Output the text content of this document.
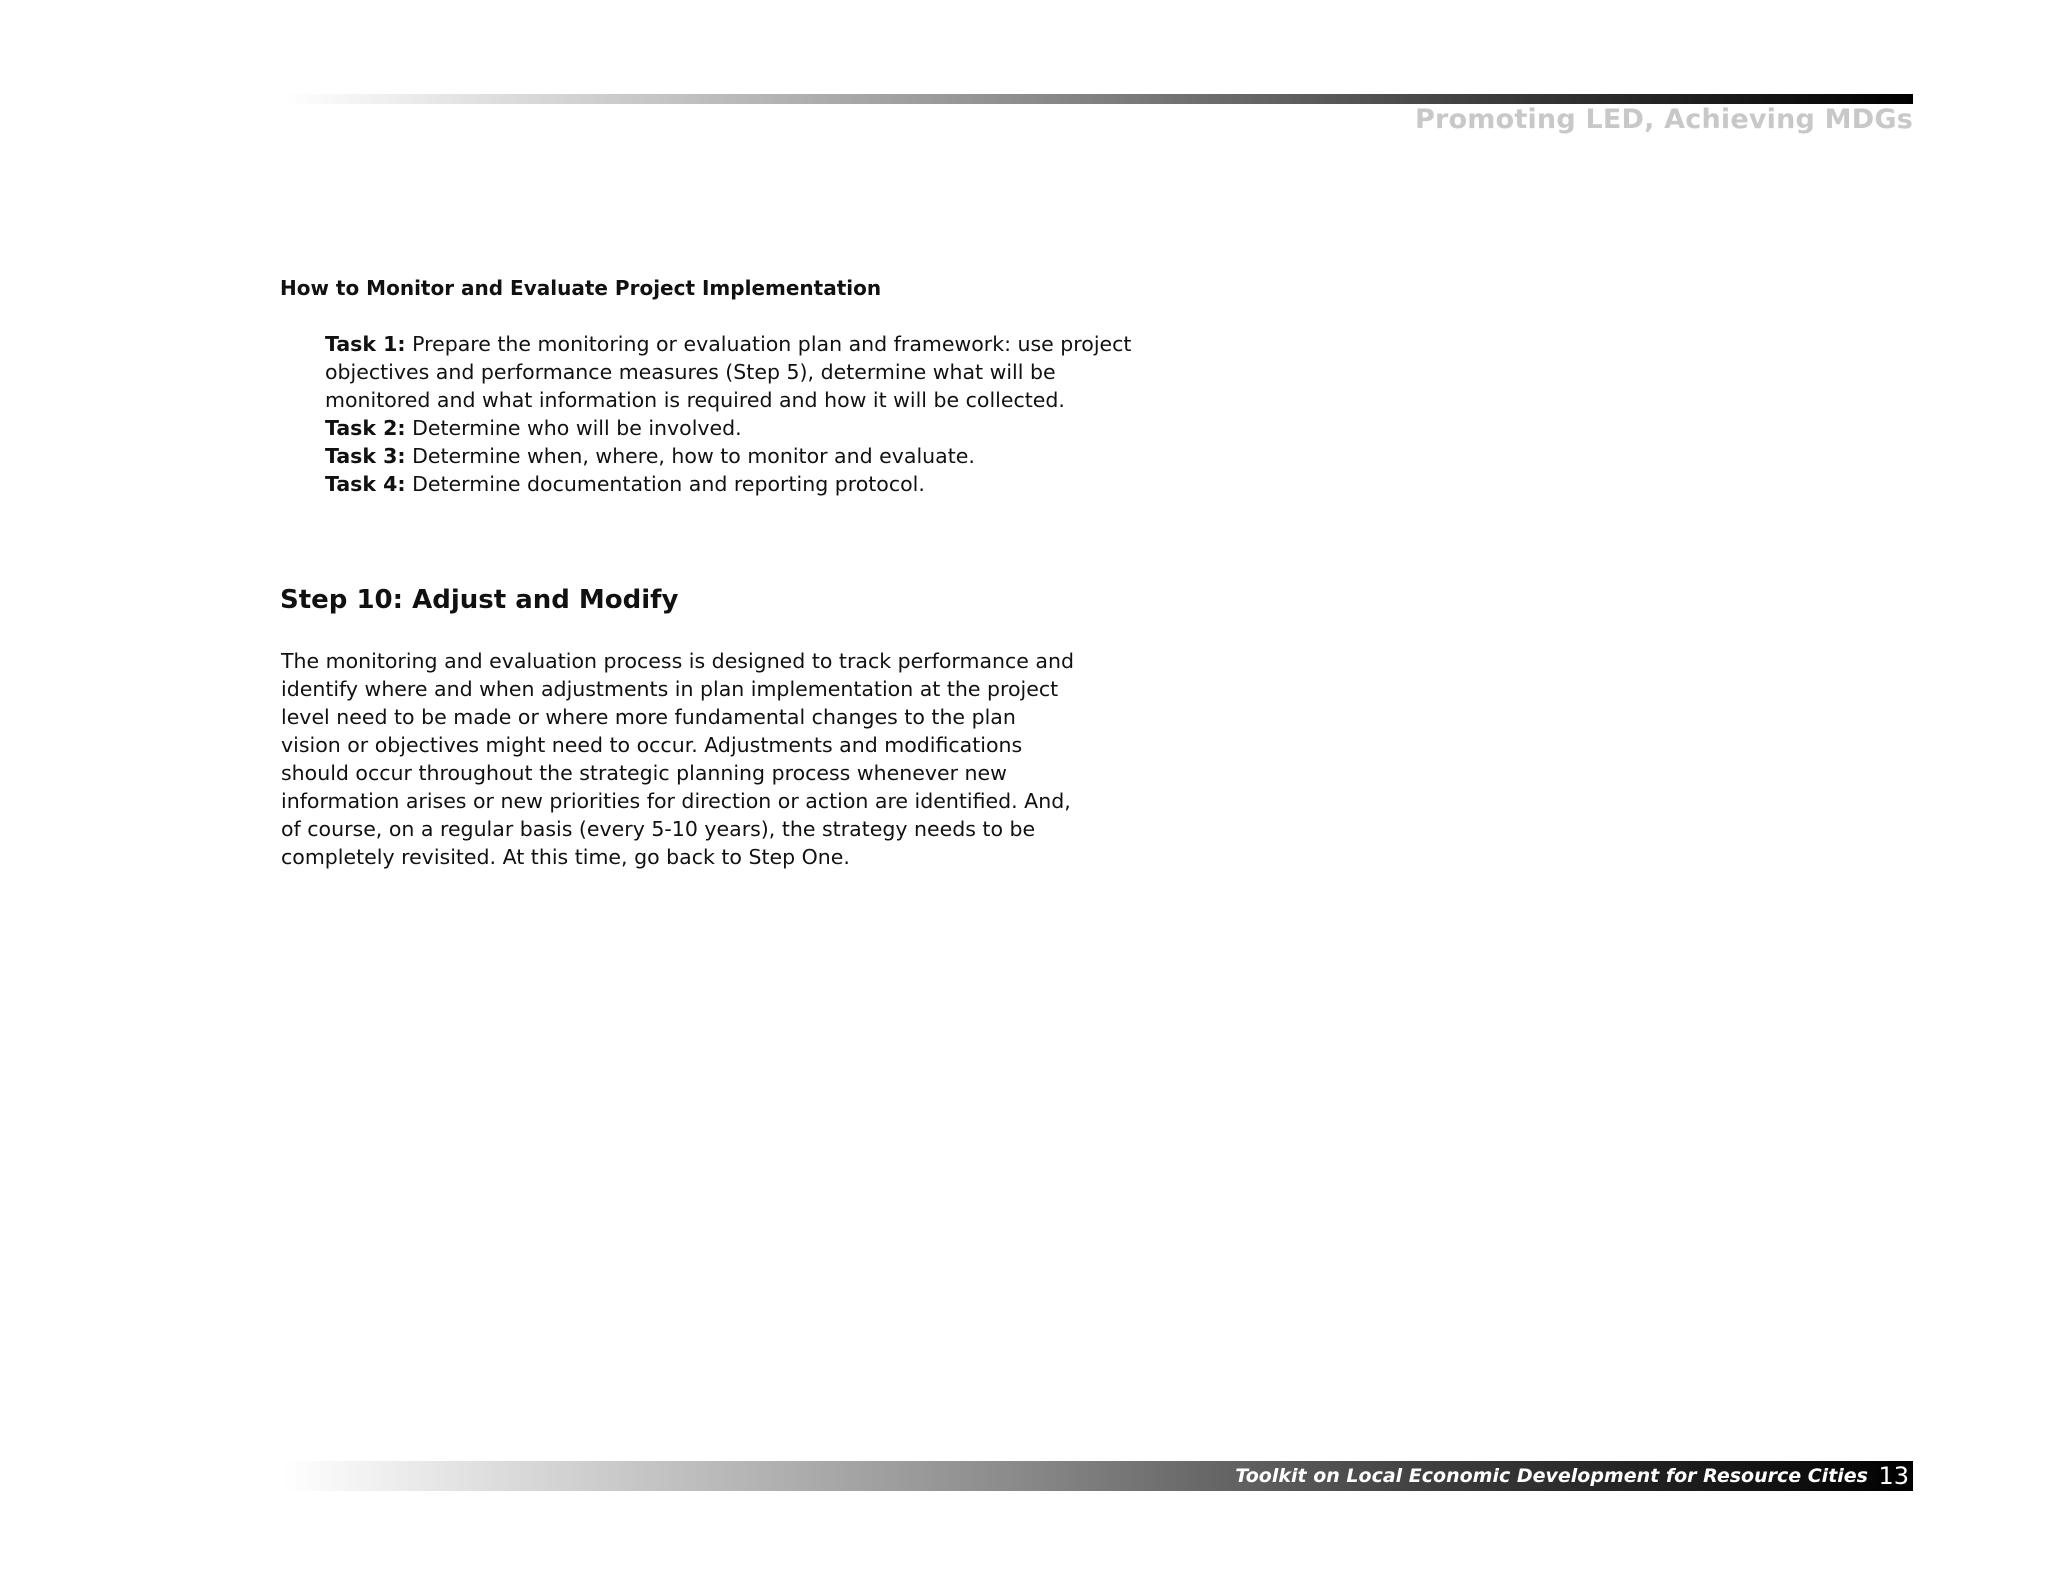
Promoting LED, Achieving MDGs
How to Monitor and Evaluate Project Implementation

Task 1: Prepare the monitoring or evaluation plan and framework: use project objectives and performance measures (Step 5), determine what will be monitored and what information is required and how it will be collected.

Task 2: Determine who will be involved.

Task 3: Determine when, where, how to monitor and evaluate.

Task 4: Determine documentation and reporting protocol.

Step 10: Adjust and Modify

The monitoring and evaluation process is designed to track performance and identify where and when adjustments in plan implementation at the project level need to be made or where more fundamental changes to the plan vision or objectives might need to occur. Adjustments and modifications should occur throughout the strategic planning process whenever new information arises or new priorities for direction or action are identified. And, of course, on a regular basis (every 5-10 years), the strategy needs to be completely revisited. At this time, go back to Step One.

Toolkit on Local Economic Development for Resource Cities 13
